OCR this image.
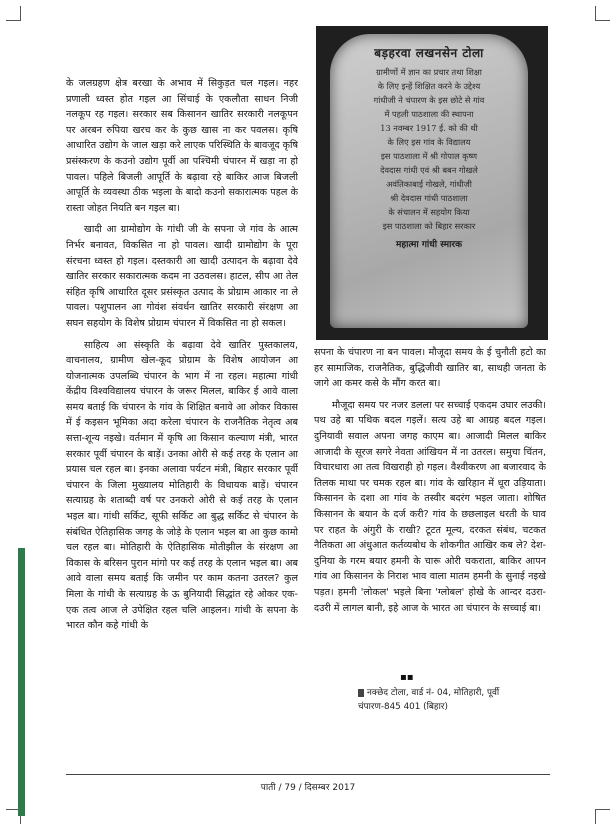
बड़हरवा लखनसेन टोला
ग्रामीणों में ज्ञान का प्रचार तथा शिक्षा
के लिए इन्हें शिक्षित करने के उद्देश्य
गांधीजी ने चंपारण के इस छोटे से गांव
में पहली पाठशाला की स्थापना
13 नवम्बर 1917 ई. को की थी
के लिए इस गांव के विद्यालय
इस पाठशाला में श्री गोपाल कृष्ण
देवदास गांधी एवं श्री बबन गोखले
अवंतिकाबाई गोखले, गांधीजी
श्री देवदास गांधी पाठशाला
के संचालन में सहयोग किया
इस पाठशाला को बिहार सरकार
महात्मा गांधी स्मारक

के जलग्रहण क्षेत्र बरखा के अभाव में सिकुड़त चल गइल। नहर प्रणाली ध्वस्त होत गइल आ सिंचाई के एकलौता साधन निजी नलकूप रह गइल। सरकार सब किसानन खातिर सरकारी नलकूपन पर अरबन रुपिया खरच कर के कुछ खास ना कर पवलस। कृषि आधारित उद्योग के जाल खड़ा करे लाएक परिस्थिति के बावजूद कृषि प्रसंस्करण के कउनो उद्योग पूर्वी आ पश्चिमी चंपारन में खड़ा ना हो पावल। पहिले बिजली आपूर्ति के बढ़ावा रहे बाकिर आज बिजली आपूर्ति के व्यवस्था ठीक भइला के बादो कउनो सकारात्मक पहल के रास्ता जोहत नियति बन गइल बा।

खादी आ ग्रामोद्योग के गांधी जी के सपना जे गांव के आत्म निर्भर बनावत, विकसित ना हो पावल। खादी ग्रामोद्योग के पूरा संरचना ध्वस्त हो गइल। दस्तकारी आ खादी उत्पादन के बढ़ावा देवे खातिर सरकार सकारात्मक कदम ना उठवलस। हाटल, सीप आ तेल संहित कृषि आधारित दूसर प्रसंस्कृत उत्पाद के प्रोग्राम आकार ना ले पावल। पशुपालन आ गोवंश संवर्धन खातिर सरकारी संरक्षण आ सघन सहयोग के विशेष प्रोग्राम चंपारन में विकसित ना हो सकल।

साहित्य आ संस्कृति के बढ़ावा देवे खातिर पुस्तकालय, वाचनालय, ग्रामीण खेल-कूद प्रोग्राम के विशेष आयोजन आ योजनात्मक उपलब्धि चंपारन के भाग में ना रहल। महात्मा गांधी केंद्रीय विश्वविद्यालय चंपारन के जरूर मिलल, बाकिर ई आवे वाला समय बताई कि चंपारन के गांव के शिक्षित बनावे आ ओकर विकास में ई कइसन भूमिका अदा करेला चंपारन के राजनैतिक नेतृत्व अब सत्ता-शून्य नइखे। वर्तमान में कृषि आ किसान कल्याण मंत्री, भारत सरकार पूर्वी चंपारन के बाड़ें। उनका ओरी से कई तरह के एलान आ प्रयास चल रहल बा। इनका अलावा पर्यटन मंत्री, बिहार सरकार पूर्वी चंपारन के जिला मुख्यालय मोतिहारी के विधायक बाड़ें। चंपारन सत्याग्रह के शताब्दी वर्ष पर उनकरो ओरी से कई तरह के एलान भइल बा। गांधी सर्किट, सूफी सर्किट आ बुद्ध सर्किट से चंपारन के संबंधित ऐतिहासिक जगह के जोड़े के एलान भइल बा आ कुछ कामो चल रहल बा। मोतिहारी के ऐतिहासिक मोतीझील के संरक्षण आ विकास के बरिसन पुरान मांगो पर कई तरह के एलान भइल बा। अब आवे वाला समय बताई कि जमीन पर काम कतना उतरल? कुल मिला के गांधी के सत्याग्रह के ऊ बुनियादी सिद्धांत रहे ओकर एक-एक तत्व आज ले उपेक्षित रहल चलि आइलन। गांधी के सपना के भारत कौन कहे गांधी के

सपना के चंपारण ना बन पावल। मौजूदा समय के ई चुनौती हटो का हर सामाजिक, राजनैतिक, बुद्धिजीवी खातिर बा, साथही जनता के जागे आ कमर कसे के मौंग करत बा।

मौजूदा समय पर नजर डलला पर सच्चाई एकदम उघार लउकी। पथ उहे बा पथिक बदल गइलें। सत्य उहे बा आग्रह बदल गइल। दुनियावी सवाल अपना जगह काएम बा। आजादी मिलल बाकिर आजादी के सूरज सगरे नेवता आंखियन में ना उतरल। समुचा चिंतन, विचारधारा आ तत्व विखराही हो गइल। वैश्वीकरण आ बजारवाद के तिलक माथा पर चमक रहल बा। गांव के खरिहान में धूरा उड़ियाता। किसानन के दशा आ गांव के तस्वीर बदरंग भइल जाता। शोषित किसानन के बयान के दर्ज करी? गांव के छछलाइल धरती के घाव पर राहत के अंगुरी के राखी? टूटत मूल्य, दरकत संबंध, चटकत नैतिकता आ अंधुआत कर्तव्यबोध के शोकगीत आखिर कब ले? देश-दुनिया के गरम बयार हमनी के चारू ओरी चकराता, बाकिर आपन गांव आ किसानन के निराश भाव वाला मातम हमनी के सुनाई नइखे पड़त। हमनी 'लोकल' भइले बिना 'ग्लोबल' होखे के आन्दर दउरा-दउरी में लागल बानी, इहे आज के भारत आ चंपारन के सच्चाई बा।

▪▪
नक्छेद टोला, वार्ड नं- 04, मोतिहारी, पूर्वी
चंपारण-845 401 (बिहार)
पाती / 79 / दिसम्बर 2017
